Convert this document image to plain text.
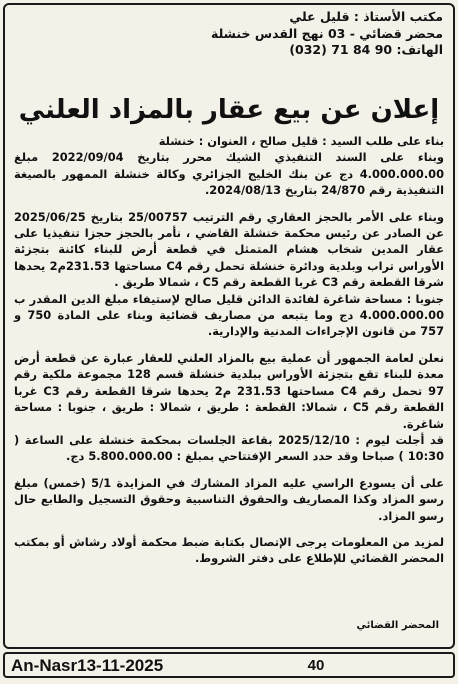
مكتب الأستاذ : قليل علي
محضر قضائي - 03 نهج القدس خنشلة
الهاتف: 90 84 71 (032)
إعلان عن بيع عقار بالمزاد العلني

بناء على طلب السيد : قليل صالح ، العنوان : خنشلة

وبناء على السند التنفيذي الشيك محرر بتاريخ 2022/09/04 مبلغ 4.000.000.00 دج عن بنك الخليج الجزائري وكالة خنشلة الممهور بالصيغة التنفيذية رقم 24/870 بتاريخ 2024/08/13.

وبناء على الأمر بالحجز العقاري رقم الترتيب 25/00757 بتاريخ 2025/06/25 عن الصادر عن رئيس محكمة خنشلة القاضي ، نأمر بالحجز حجزا تنفيذيا على عقار المدين شخاب هشام المتمثل في قطعة أرض للبناء كائنة بتجزئة الأوراس تراب وبلدية ودائرة خنشلة تحمل رقم C4 مساحتها 231.53م2 يحدها شرقا القطعة رقم C3 غربا القطعة رقم C5 ، شمالا طريق .

جنوبا : مساحة شاغرة لفائدة الدائن قليل صالح لإستيفاء مبلغ الدين المقدر ب 4.000.000.00 دج وما يتبعه من مصاريف قضائية وبناء على المادة 750 و 757 من قانون الإجراءات المدنية والإدارية.

نعلن لعامة الجمهور أن عملية بيع بالمزاد العلني للعقار عبارة عن قطعة أرض معدة للبناء تقع بتجزئة الأوراس ببلدية خنشلة قسم 128 مجموعة ملكية رقم 97 تحمل رقم C4 مساحتها 231.53 م2 يحدها شرقا القطعة رقم C3 غربا القطعة رقم C5 ، شمالا: القطعة : طريق ، شمالا : طريق ، جنوبا : مساحة شاغرة.

قد أجلت ليوم : 2025/12/10 بقاعة الجلسات بمحكمة خنشلة على الساعة ( 10:30 ) صباحا وقد حدد السعر الإفتتاحي بمبلغ : 5.800.000.00 دج.

على أن يسودع الراسي عليه المزاد المشارك في المزايدة 5/1 (خمس) مبلغ رسو المزاد وكذا المصاريف والحقوق التناسبية وحقوق التسجيل والطابع حال رسو المزاد.

لمزيد من المعلومات يرجى الإتصال بكتابة ضبط محكمة أولاد رشاش أو بمكتب المحضر القضائي للإطلاع على دفتر الشروط.

المحضر القضائي
An-Nasr13-11-2025	40
